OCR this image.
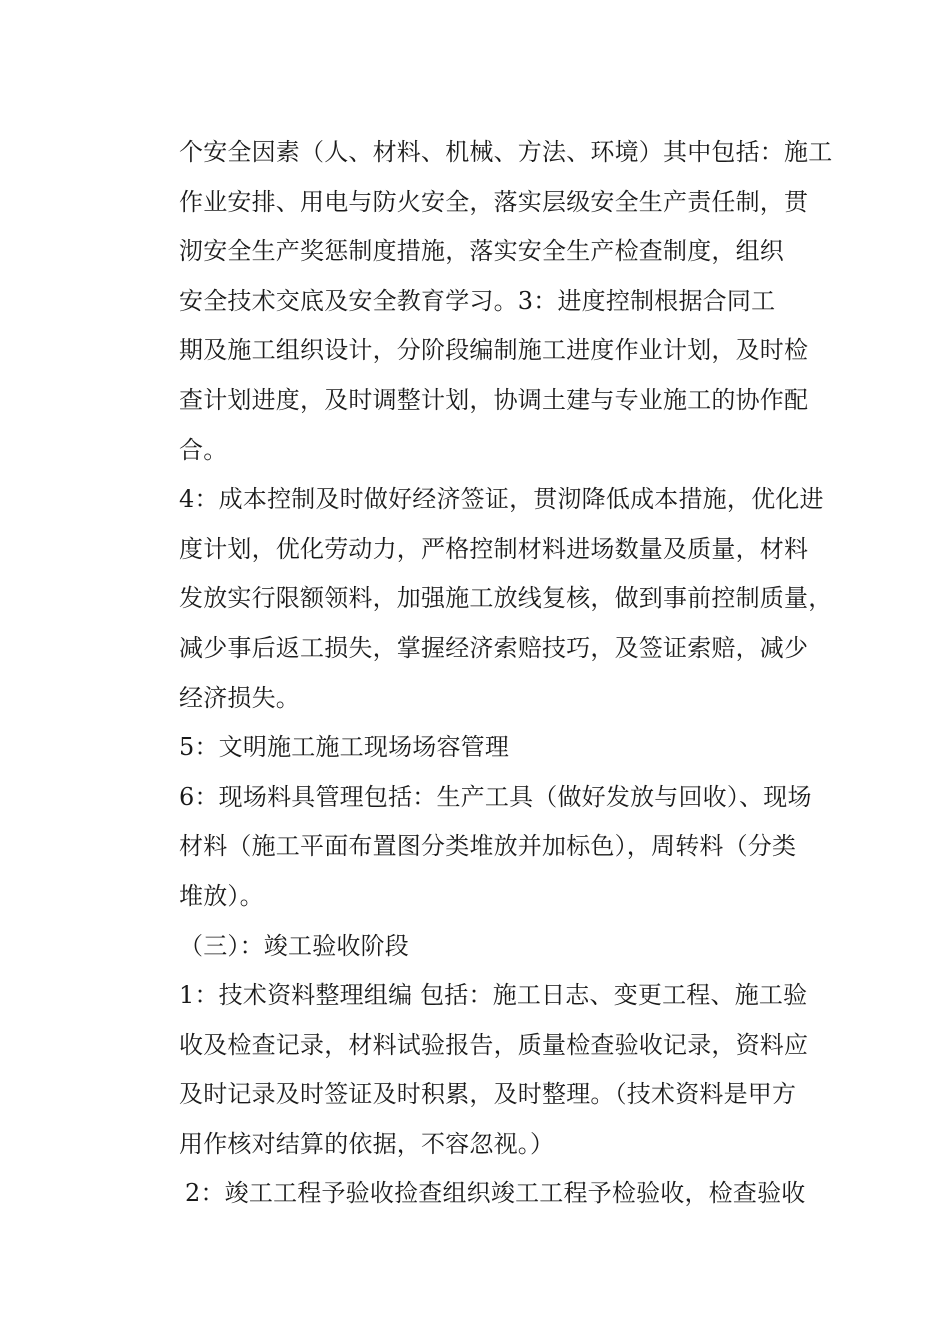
个安全因素（人、材料、机械、方法、环境）其中包括：施工
作业安排、用电与防火安全，落实层级安全生产责任制，贯
沏安全生产奖惩制度措施，落实安全生产检查制度，组织
安全技术交底及安全教育学习。3：进度控制根据合同工
期及施工组织设计，分阶段编制施工进度作业计划，及时检
查计划进度，及时调整计划，协调土建与专业施工的协作配
合。
4：成本控制及时做好经济签证，贯沏降低成本措施，优化进
度计划，优化劳动力，严格控制材料进场数量及质量，材料
发放实行限额领料，加强施工放线复核，做到事前控制质量，
减少事后返工损失，掌握经济索赔技巧，及签证索赔，减少
经济损失。
5：文明施工施工现场场容管理
6：现场料具管理包括：生产工具（做好发放与回收）、现场
材料（施工平面布置图分类堆放并加标色），周转料（分类
堆放）。
（三）：竣工验收阶段
1：技术资料整理组编 包括：施工日志、变更工程、施工验
收及检查记录，材料试验报告，质量检查验收记录，资料应
及时记录及时签证及时积累，及时整理。（技术资料是甲方
用作核对结算的依据，不容忽视。）
2：竣工工程予验收捡查组织竣工工程予检验收，检查验收
